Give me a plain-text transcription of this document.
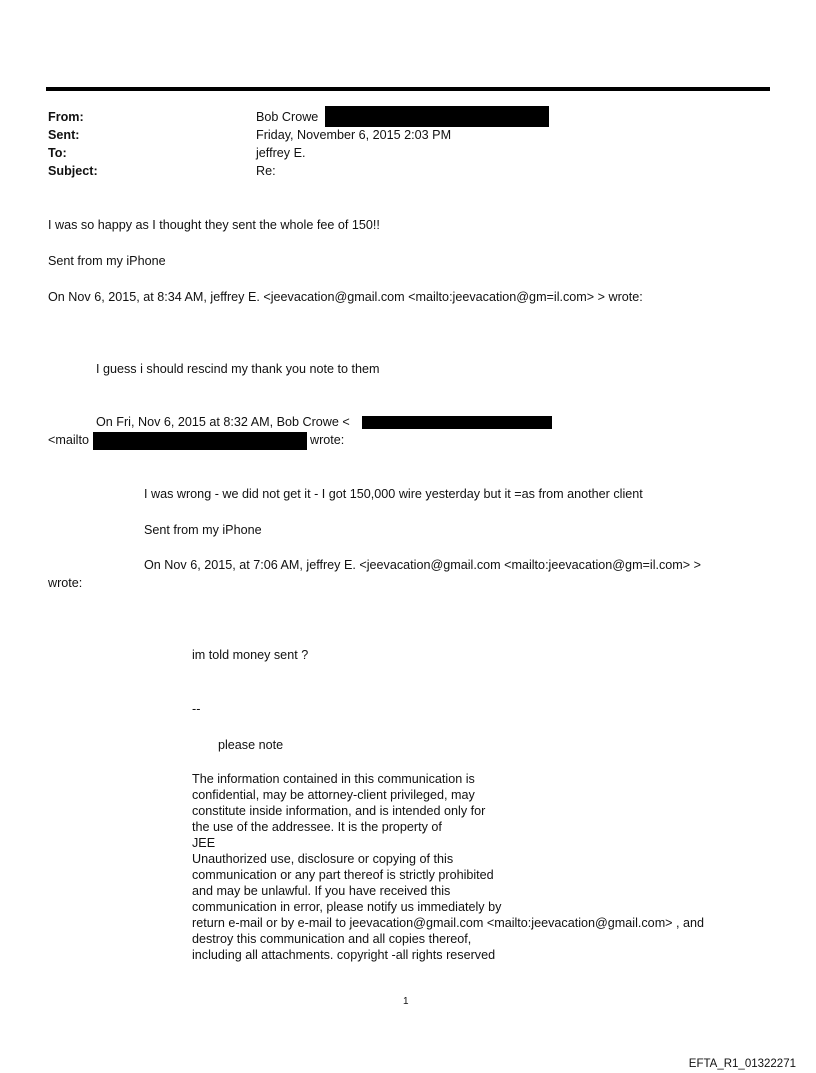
From:	Bob Crowe
Sent:	Friday, November 6, 2015 2:03 PM
To:	jeffrey E.
Subject:	Re:
I was so happy as I thought they sent the whole fee of 150!!
Sent from my iPhone
On Nov 6, 2015, at 8:34 AM, jeffrey E. <jeevacation@gmail.com <mailto:jeevacation@gm=il.com> > wrote:
I guess i should rescind my thank you note to them
On Fri, Nov 6, 2015 at 8:32 AM, Bob Crowe <
<mailto	wrote:
I was wrong - we did not get it - I got 150,000 wire yesterday but it =as from another client
Sent from my iPhone
On Nov 6, 2015, at 7:06 AM, jeffrey E. <jeevacation@gmail.com <mailto:jeevacation@gm=il.com> >
wrote:
im told money sent ?
--
please note
The information contained in this communication is
confidential, may be attorney-client privileged, may
constitute inside information, and is intended only for
the use of the addressee. It is the property of
JEE
Unauthorized use, disclosure or copying of this
communication or any part thereof is strictly prohibited
and may be unlawful. If you have received this
communication in error, please notify us immediately by
return e-mail or by e-mail to jeevacation@gmail.com <mailto:jeevacation@gmail.com> , and
destroy this communication and all copies thereof,
including all attachments. copyright -all rights reserved
1
EFTA_R1_01322271
